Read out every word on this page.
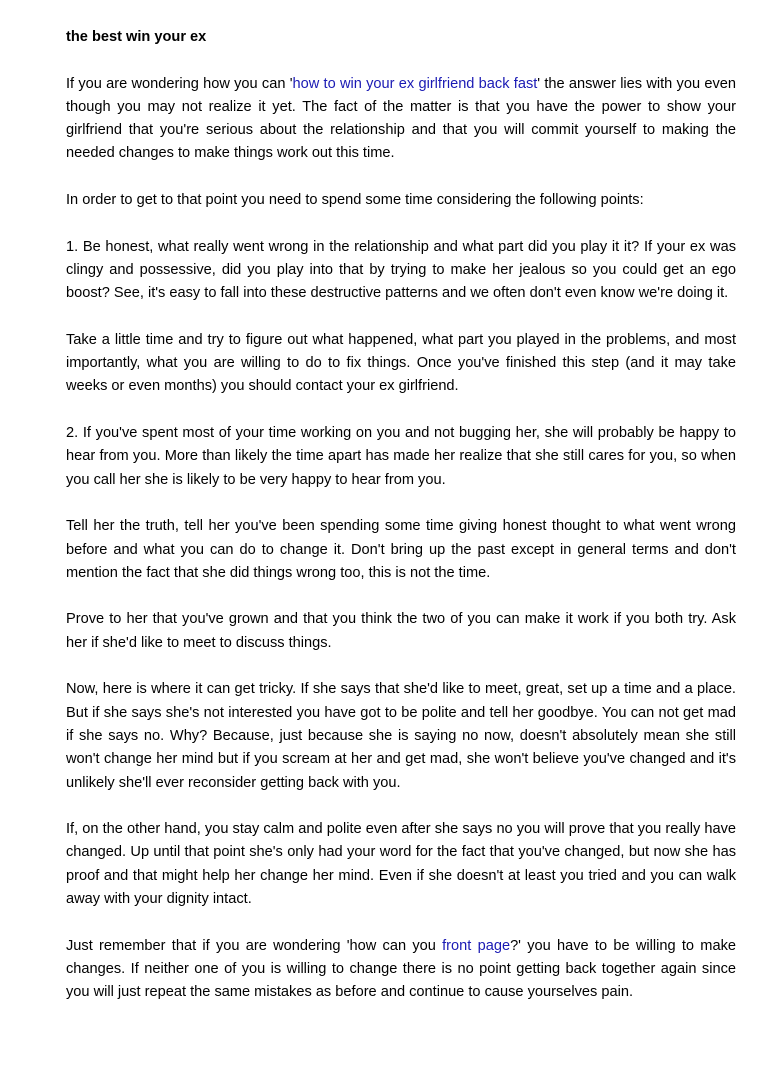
the best win your ex

If you are wondering how you can 'how to win your ex girlfriend back fast' the answer lies with you even though you may not realize it yet. The fact of the matter is that you have the power to show your girlfriend that you're serious about the relationship and that you will commit yourself to making the needed changes to make things work out this time.

In order to get to that point you need to spend some time considering the following points:

1. Be honest, what really went wrong in the relationship and what part did you play it it? If your ex was clingy and possessive, did you play into that by trying to make her jealous so you could get an ego boost? See, it's easy to fall into these destructive patterns and we often don't even know we're doing it.

Take a little time and try to figure out what happened, what part you played in the problems, and most importantly, what you are willing to do to fix things. Once you've finished this step (and it may take weeks or even months) you should contact your ex girlfriend.

2. If you've spent most of your time working on you and not bugging her, she will probably be happy to hear from you. More than likely the time apart has made her realize that she still cares for you, so when you call her she is likely to be very happy to hear from you.

Tell her the truth, tell her you've been spending some time giving honest thought to what went wrong before and what you can do to change it. Don't bring up the past except in general terms and don't mention the fact that she did things wrong too, this is not the time.

Prove to her that you've grown and that you think the two of you can make it work if you both try. Ask her if she'd like to meet to discuss things.

Now, here is where it can get tricky. If she says that she'd like to meet, great, set up a time and a place. But if she says she's not interested you have got to be polite and tell her goodbye. You can not get mad if she says no. Why? Because, just because she is saying no now, doesn't absolutely mean she still won't change her mind but if you scream at her and get mad, she won't believe you've changed and it's unlikely she'll ever reconsider getting back with you.

If, on the other hand, you stay calm and polite even after she says no you will prove that you really have changed. Up until that point she's only had your word for the fact that you've changed, but now she has proof and that might help her change her mind. Even if she doesn't at least you tried and you can walk away with your dignity intact.

Just remember that if you are wondering 'how can you front page?' you have to be willing to make changes. If neither one of you is willing to change there is no point getting back together again since you will just repeat the same mistakes as before and continue to cause yourselves pain.
